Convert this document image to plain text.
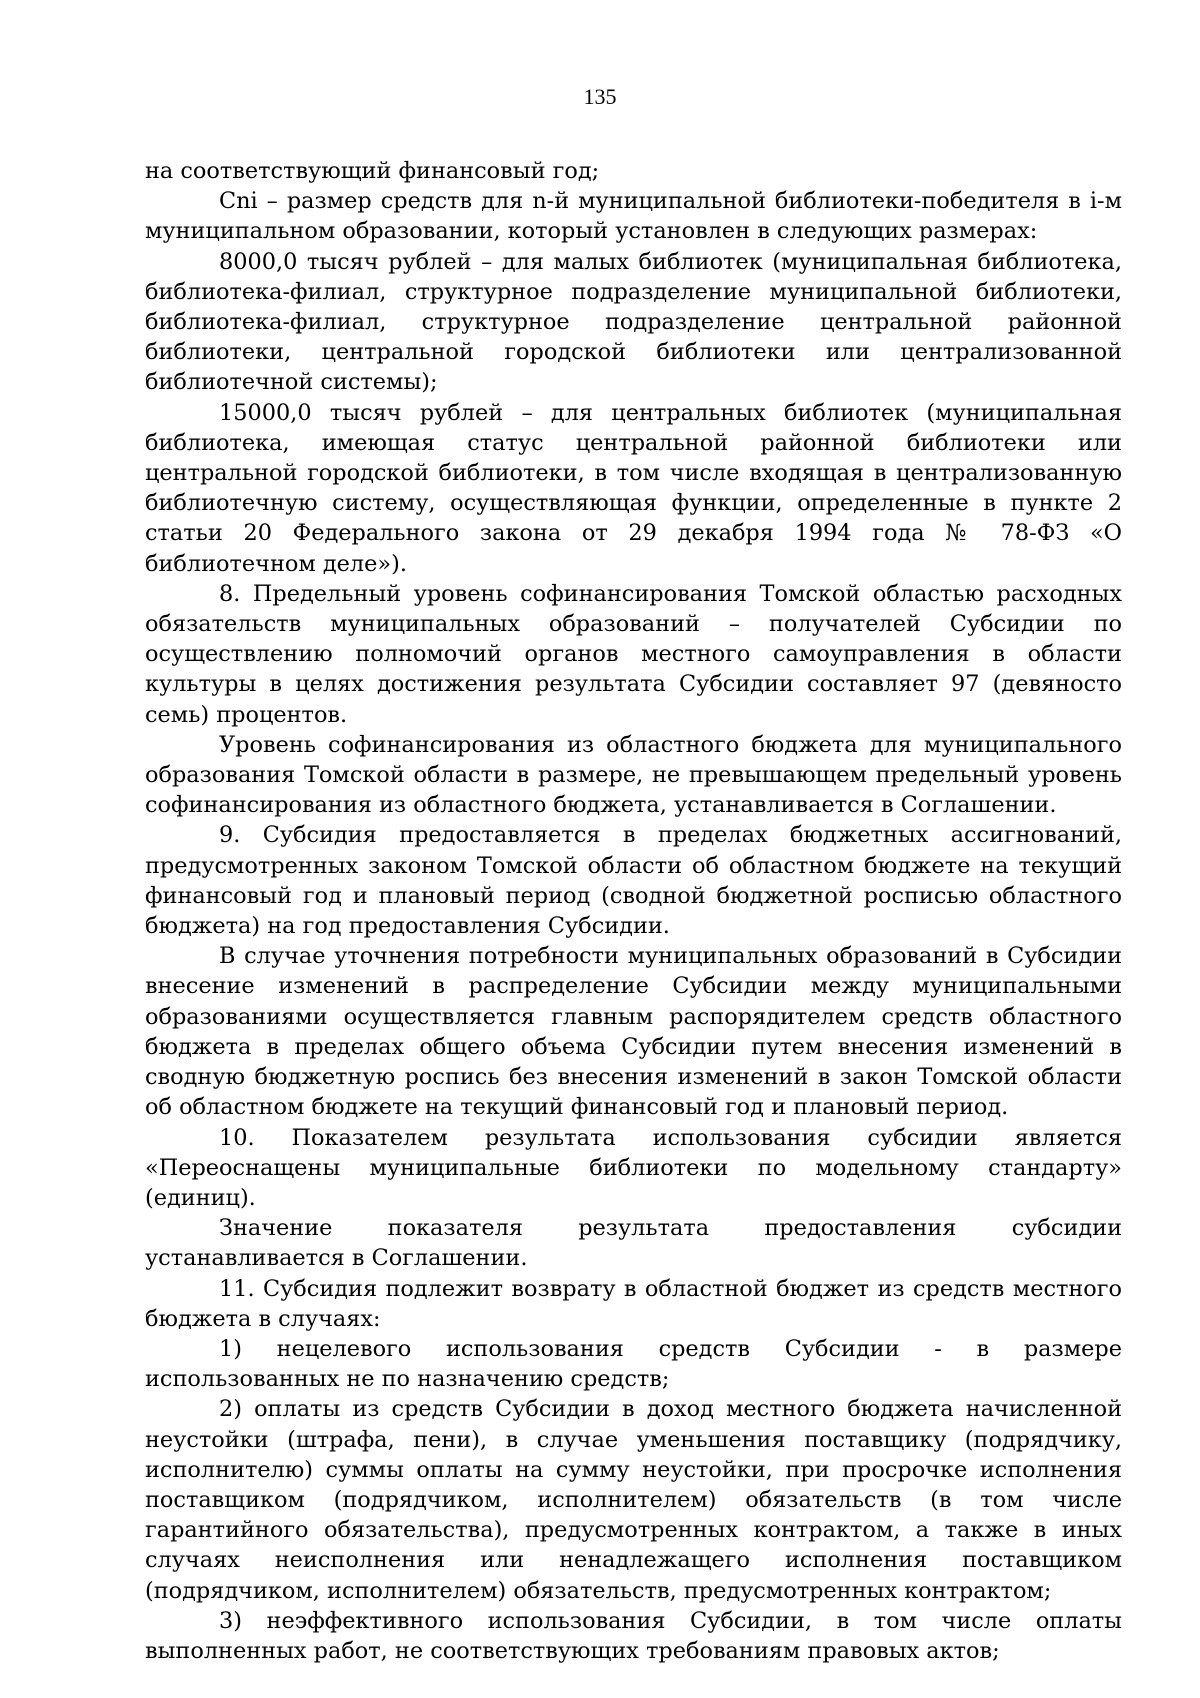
135

на соответствующий финансовый год;

Cni – размер средств для n-й муниципальной библиотеки-победителя в i-м муниципальном образовании, который установлен в следующих размерах:

8000,0 тысяч рублей – для малых библиотек (муниципальная библиотека, библиотека-филиал, структурное подразделение муниципальной библиотеки, библиотека-филиал, структурное подразделение центральной районной библиотеки, центральной городской библиотеки или централизованной библиотечной системы);

15000,0 тысяч рублей – для центральных библиотек (муниципальная библиотека, имеющая статус центральной районной библиотеки или центральной городской библиотеки, в том числе входящая в централизованную библиотечную систему, осуществляющая функции, определенные в пункте 2 статьи 20 Федерального закона от 29 декабря 1994 года № 78-ФЗ «О библиотечном деле»).

8. Предельный уровень софинансирования Томской областью расходных обязательств муниципальных образований – получателей Субсидии по осуществлению полномочий органов местного самоуправления в области культуры в целях достижения результата Субсидии составляет 97 (девяносто семь) процентов.

Уровень софинансирования из областного бюджета для муниципального образования Томской области в размере, не превышающем предельный уровень софинансирования из областного бюджета, устанавливается в Соглашении.

9. Субсидия предоставляется в пределах бюджетных ассигнований, предусмотренных законом Томской области об областном бюджете на текущий финансовый год и плановый период (сводной бюджетной росписью областного бюджета) на год предоставления Субсидии.

В случае уточнения потребности муниципальных образований в Субсидии внесение изменений в распределение Субсидии между муниципальными образованиями осуществляется главным распорядителем средств областного бюджета в пределах общего объема Субсидии путем внесения изменений в сводную бюджетную роспись без внесения изменений в закон Томской области об областном бюджете на текущий финансовый год и плановый период.

10. Показателем результата использования субсидии является «Переоснащены муниципальные библиотеки по модельному стандарту» (единиц).

Значение показателя результата предоставления субсидии устанавливается в Соглашении.

11. Субсидия подлежит возврату в областной бюджет из средств местного бюджета в случаях:

1) нецелевого использования средств Субсидии - в размере использованных не по назначению средств;

2) оплаты из средств Субсидии в доход местного бюджета начисленной неустойки (штрафа, пени), в случае уменьшения поставщику (подрядчику, исполнителю) суммы оплаты на сумму неустойки, при просрочке исполнения поставщиком (подрядчиком, исполнителем) обязательств (в том числе гарантийного обязательства), предусмотренных контрактом, а также в иных случаях неисполнения или ненадлежащего исполнения поставщиком (подрядчиком, исполнителем) обязательств, предусмотренных контрактом;

3) неэффективного использования Субсидии, в том числе оплаты выполненных работ, не соответствующих требованиям правовых актов;
